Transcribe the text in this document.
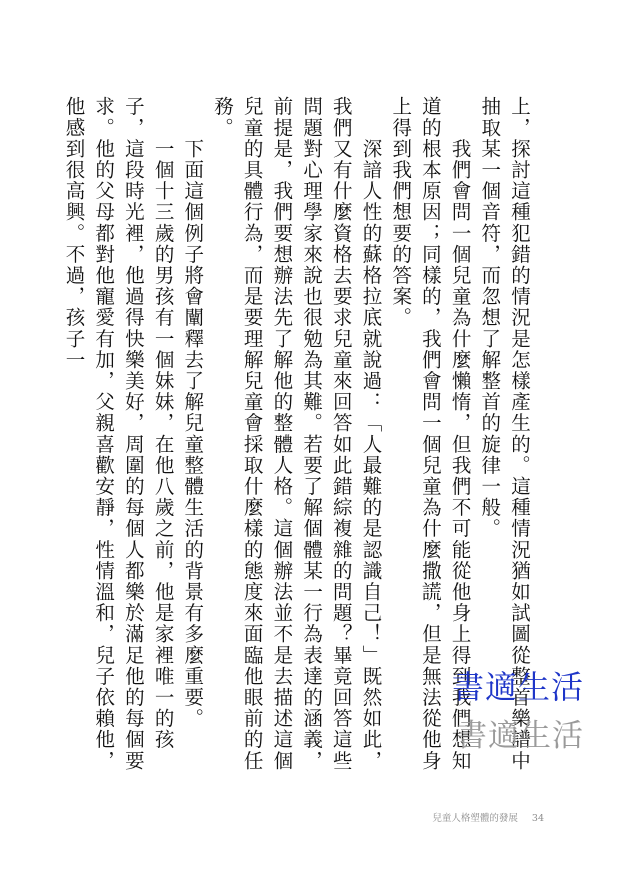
上，探討這種犯錯的情況是怎樣產生的。這種情況猶如試圖從整首樂譜中抽取某一個音符，而忽想了解整首的旋律一般。

　　我們會問一個兒童為什麼懶惰，但我們不可能從他身上得到我們想知道的根本原因；同樣的，我們會問一個兒童為什麼撒謊，但是無法從他身上得到我們想要的答案。

　　深諳人性的蘇格拉底就說過：「人最難的是認識自己！」既然如此，我們又有什麼資格去要求兒童來回答如此錯綜複雜的問題？畢竟回答這些問題對心理學家來說也很勉為其難。若要了解個體某一行為表達的涵義，前提是，我們要想辦法先了解他的整體人格。這個辦法並不是去描述這個兒童的具體行為，而是要理解兒童會採取什麼樣的態度來面臨他眼前的任務。

　　下面這個例子將會闡釋去了解兒童整體生活的背景有多麼重要。

　　一個十三歲的男孩有一個妹妹，在他八歲之前，他是家裡唯一的孩子，這段時光裡，他過得快樂美好，周圍的每個人都樂於滿足他的每個要求。他的父母都對他寵愛有加，父親喜歡安靜，性情溫和，兒子依賴他，他感到很高興。不過，孩子一

書適生活
書適生活
兒童人格塑體的發展 34
